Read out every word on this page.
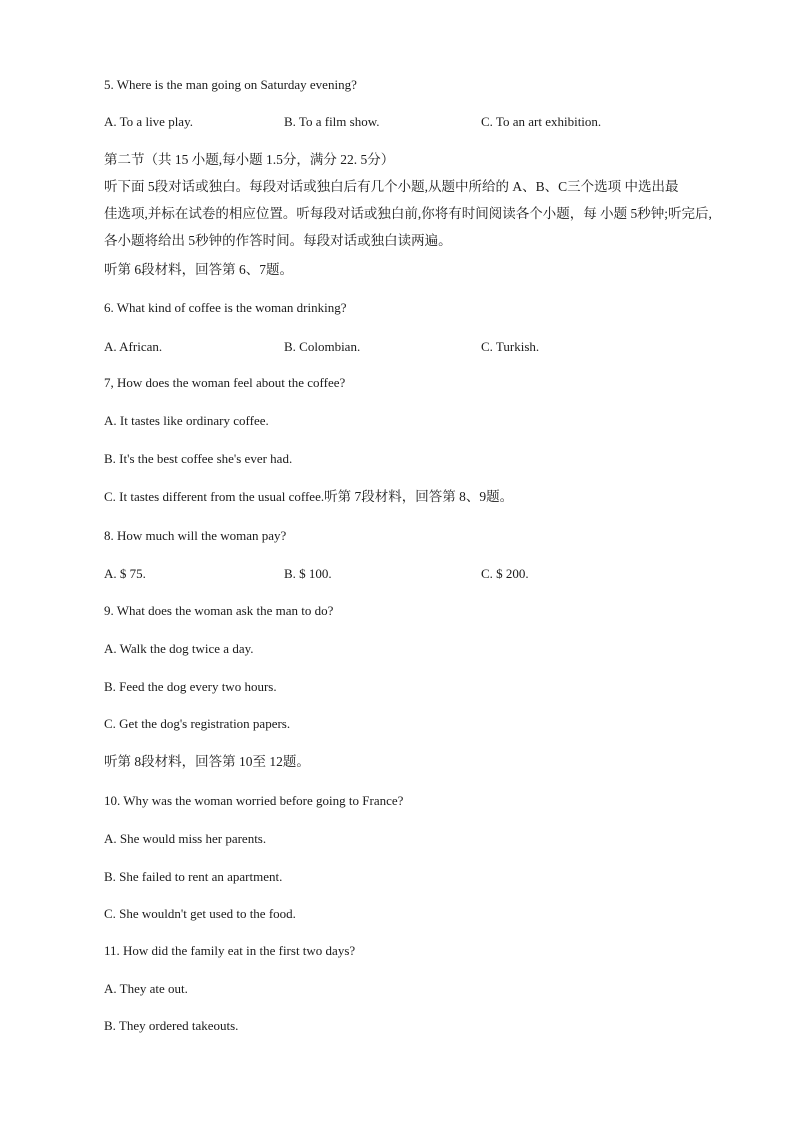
5. Where is the man going on Saturday evening?
A. To a live play.	B. To a film show.	C. To an art exhibition.
第二节（共 15 小题,每小题 1.5分，满分 22. 5分）
听下面 5段对话或独白。每段对话或独白后有几个小题,从题中所给的 A、B、C三个选项 中选出最
佳选项,并标在试卷的相应位置。听每段对话或独白前,你将有时间阅读各个小题，每 小题 5秒钟;听完后,
各小题将给出 5秒钟的作答时间。每段对话或独白读两遍。
听第 6段材料，回答第 6、7题。
6. What kind of coffee is the woman drinking?
A. African.	B. Colombian.	C. Turkish.
7, How does the woman feel about the coffee?
A. It tastes like ordinary coffee.
B. It's the best coffee she's ever had.
C. It tastes different from the usual coffee.听第 7段材料，回答第 8、9题。
8. How much will the woman pay?
A. $ 75.	B. $ 100.	C. $ 200.
9. What does the woman ask the man to do?
A. Walk the dog twice a day.
B. Feed the dog every two hours.
C. Get the dog's registration papers.
听第 8段材料，回答第 10至 12题。
10. Why was the woman worried before going to France?
A. She would miss her parents.
B. She failed to rent an apartment.
C. She wouldn't get used to the food.
11. How did the family eat in the first two days?
A. They ate out.
B. They ordered takeouts.
